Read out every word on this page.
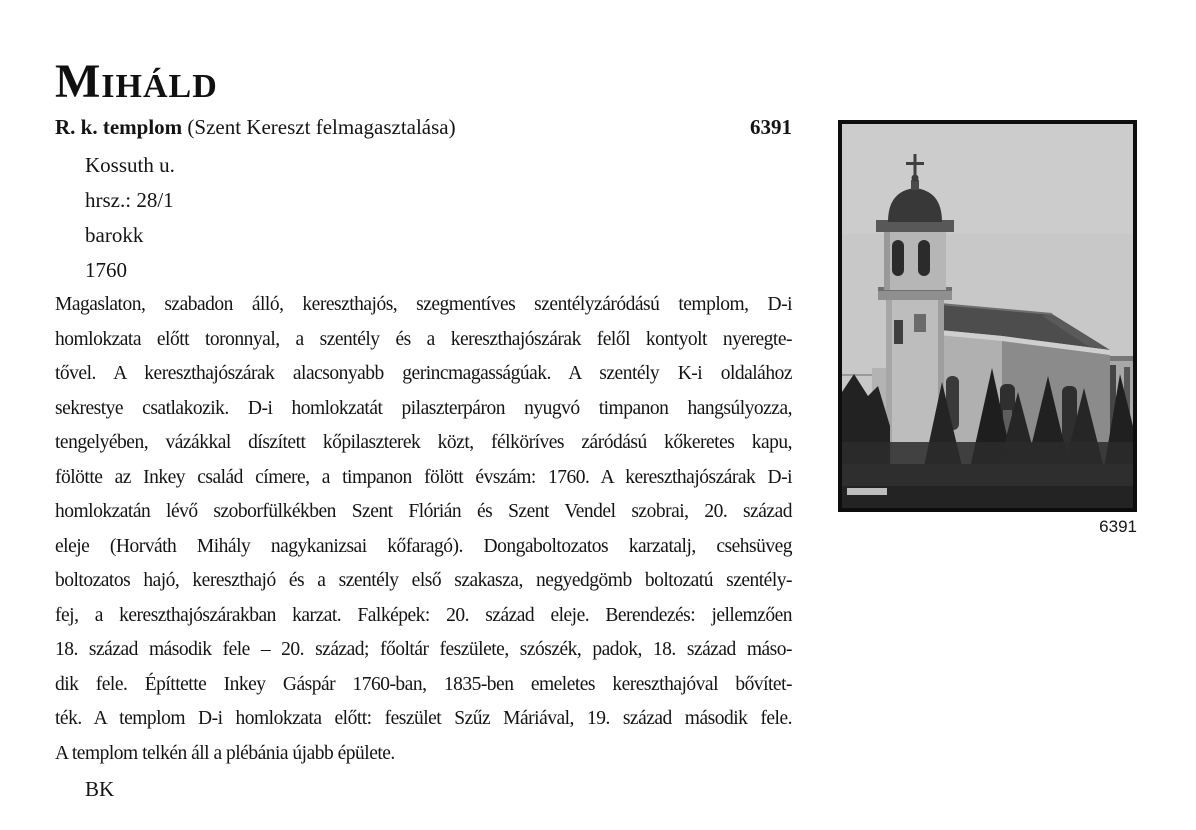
Miháld
R. k. templom (Szent Kereszt felmagasztalása)	6391
Kossuth u.
hrsz.: 28/1
barokk
1760
Magaslaton, szabadon álló, kereszthajós, szegmentíves szentélyzáródású templom, D-i
homlokzata előtt toronnyal, a szentély és a kereszthajószárak felől kontyolt nyeregte-
tővel. A kereszthajószárak alacsonyabb gerincmagasságúak. A szentély K-i oldalához
sekrestye csatlakozik. D-i homlokzatát pilaszterpáron nyugvó timpanon hangsúlyozza,
tengelyében, vázákkal díszített kőpilaszterek közt, félköríves záródású kőkeretes kapu,
fölötte az Inkey család címere, a timpanon fölött évszám: 1760. A kereszthajószárak D-i
homlokzatán lévő szoborfülkékben Szent Flórián és Szent Vendel szobrai, 20. század
eleje (Horváth Mihály nagykanizsai kőfaragó). Dongaboltozatos karzatalj, csehsüveg
boltozatos hajó, kereszthajó és a szentély első szakasza, negyedgömb boltozatú szentély-
fej, a kereszthajószárakban karzat. Falképek: 20. század eleje. Berendezés: jellemzően
18. század második fele – 20. század; főoltár feszülete, szószék, padok, 18. század máso-
dik fele. Építtette Inkey Gáspár 1760-ban, 1835-ben emeletes kereszthajóval bővítet-
ték. A templom D-i homlokzata előtt: feszület Szűz Máriával, 19. század második fele.
A templom telkén áll a plébánia újabb épülete.
BK
6391
